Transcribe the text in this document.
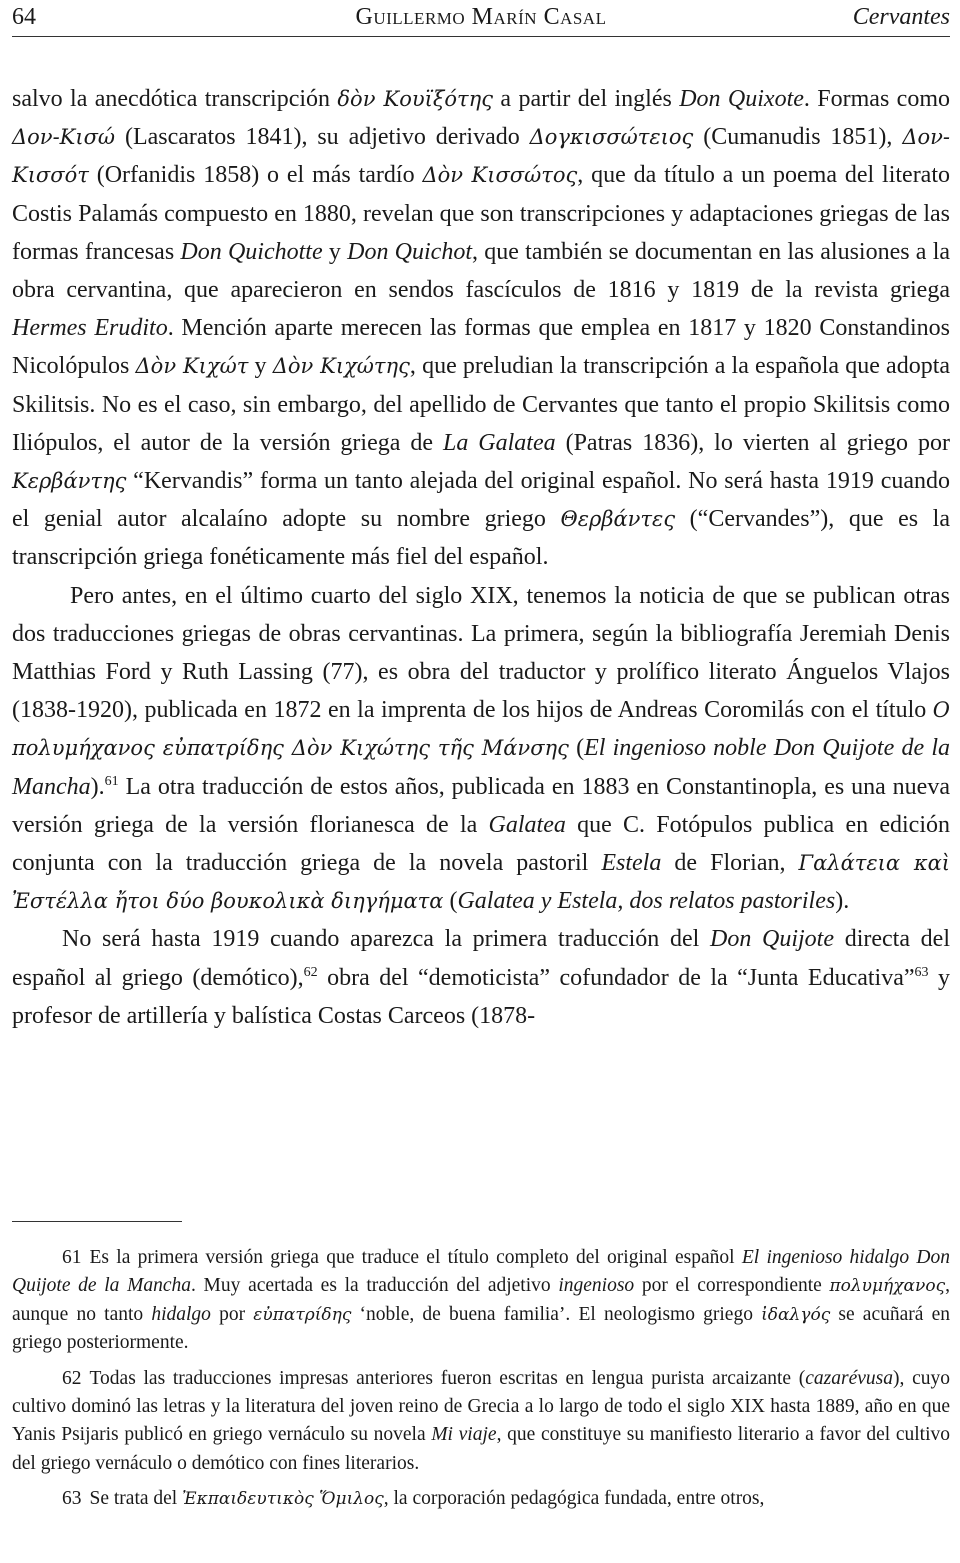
64	Guillermo Marín Casal	Cervantes

salvo la anecdótica transcripción δὸν Κουϊξότης a partir del inglés Don Quixote. Formas como Δον-Κισώ (Lascaratos 1841), su adjetivo derivado Δογκισσώτειος (Cumanudis 1851), Δον-Κισσότ (Orfanidis 1858) o el más tardío Δὸν Κισσώτος, que da título a un poema del literato Costis Palamás compuesto en 1880, revelan que son transcripciones y adaptaciones griegas de las formas francesas Don Quichotte y Don Quichot, que también se documentan en las alusiones a la obra cervantina, que aparecieron en sendos fascículos de 1816 y 1819 de la revista griega Hermes Erudito. Mención aparte merecen las formas que emplea en 1817 y 1820 Constandinos Nicolópulos Δὸν Κιχώτ y Δὸν Κιχώτης, que preludian la transcripción a la española que adopta Skilitsis. No es el caso, sin embargo, del apellido de Cervantes que tanto el propio Skilitsis como Iliópulos, el autor de la versión griega de La Galatea (Patras 1836), lo vierten al griego por Κερβάντης “Kervandis” forma un tanto alejada del original español. No será hasta 1919 cuando el genial autor alcalaíno adopte su nombre griego Θερβάντες (“Cervandes”), que es la transcripción griega fonéticamente más fiel del español.

Pero antes, en el último cuarto del siglo XIX, tenemos la noticia de que se publican otras dos traducciones griegas de obras cervantinas. La primera, según la bibliografía Jeremiah Denis Matthias Ford y Ruth Lassing (77), es obra del traductor y prolífico literato Ánguelos Vlajos (1838-1920), publicada en 1872 en la imprenta de los hijos de Andreas Coromilás con el título Ο πολυμήχανος εὐπατρίδης Δὸν Κιχώτης τῆς Μάνσης (El ingenioso noble Don Quijote de la Mancha).$^{61}$ La otra traducción de estos años, publicada en 1883 en Constantinopla, es una nueva versión griega de la versión florianesca de la Galatea que C. Fotópulos publica en edición conjunta con la traducción griega de la novela pastoril Estela de Florian, Γαλάτεια καὶ Ἐστέλλα ἤτοι δύο βουκολικὰ διηγήματα (Galatea y Estela, dos relatos pastoriles).

No será hasta 1919 cuando aparezca la primera traducción del Don Quijote directa del español al griego (demótico),$^{62}$ obra del “demoticista” cofundador de la “Junta Educativa”$^{63}$ y profesor de artillería y balística Costas Carceos (1878-

61 Es la primera versión griega que traduce el título completo del original español El ingenioso hidalgo Don Quijote de la Mancha. Muy acertada es la traducción del adjetivo ingenioso por el correspondiente πολυμήχανος, aunque no tanto hidalgo por εὐπατρίδης ‘noble, de buena familia’. El neologismo griego ἰδαλγός se acuñará en griego posteriormente.

62 Todas las traducciones impresas anteriores fueron escritas en lengua purista arcaizante (cazarévusa), cuyo cultivo dominó las letras y la literatura del joven reino de Grecia a lo largo de todo el siglo XIX hasta 1889, año en que Yanis Psijaris publicó en griego vernáculo su novela Mi viaje, que constituye su manifiesto literario a favor del cultivo del griego vernáculo o demótico con fines literarios.

63 Se trata del Ἐκπαιδευτικὸς Ὅμιλος, la corporación pedagógica fundada, entre otros,
